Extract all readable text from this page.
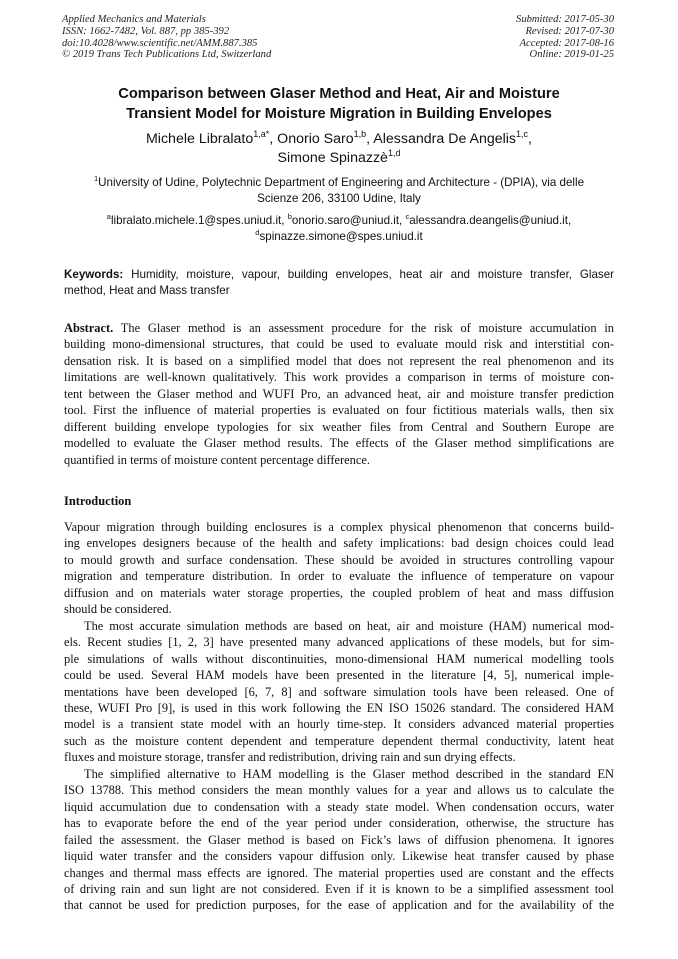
Applied Mechanics and Materials
ISSN: 1662-7482, Vol. 887, pp 385-392
doi:10.4028/www.scientific.net/AMM.887.385
© 2019 Trans Tech Publications Ltd, Switzerland
Submitted: 2017-05-30
Revised: 2017-07-30
Accepted: 2017-08-16
Online: 2019-01-25
Comparison between Glaser Method and Heat, Air and Moisture
Transient Model for Moisture Migration in Building Envelopes
Michele Libralato$^{1,a*}$, Onorio Saro$^{1,b}$, Alessandra De Angelis$^{1,c}$,
Simone Spinazzè$^{1,d}$
$^1$University of Udine, Polytechnic Department of Engineering and Architecture - (DPIA), via delle
Scienze 206, 33100 Udine, Italy
$^a$libralato.michele.1@spes.uniud.it, $^b$onorio.saro@uniud.it, $^c$alessandra.deangelis@uniud.it,
$^d$spinazze.simone@spes.uniud.it
Keywords: Humidity, moisture, vapour, building envelopes, heat air and moisture transfer, Glaser
method, Heat and Mass transfer
Abstract. The Glaser method is an assessment procedure for the risk of moisture accumulation in
building mono-dimensional structures, that could be used to evaluate mould risk and interstitial con-
densation risk. It is based on a simplified model that does not represent the real phenomenon and its
limitations are well-known qualitatively. This work provides a comparison in terms of moisture con-
tent between the Glaser method and WUFI Pro, an advanced heat, air and moisture transfer prediction
tool. First the influence of material properties is evaluated on four fictitious materials walls, then six
different building envelope typologies for six weather files from Central and Southern Europe are
modelled to evaluate the Glaser method results. The effects of the Glaser method simplifications are
quantified in terms of moisture content percentage difference.
Introduction
Vapour migration through building enclosures is a complex physical phenomenon that concerns build-
ing envelopes designers because of the health and safety implications: bad design choices could lead
to mould growth and surface condensation. These should be avoided in structures controlling vapour
migration and temperature distribution. In order to evaluate the influence of temperature on vapour
diffusion and on materials water storage properties, the coupled problem of heat and mass diffusion
should be considered.
The most accurate simulation methods are based on heat, air and moisture (HAM) numerical mod-
els. Recent studies [1, 2, 3] have presented many advanced applications of these models, but for sim-
ple simulations of walls without discontinuities, mono-dimensional HAM numerical modelling tools
could be used. Several HAM models have been presented in the literature [4, 5], numerical imple-
mentations have been developed [6, 7, 8] and software simulation tools have been released. One of
these, WUFI Pro [9], is used in this work following the EN ISO 15026 standard. The considered HAM
model is a transient state model with an hourly time-step. It considers advanced material properties
such as the moisture content dependent and temperature dependent thermal conductivity, latent heat
fluxes and moisture storage, transfer and redistribution, driving rain and sun drying effects.
The simplified alternative to HAM modelling is the Glaser method described in the standard EN
ISO 13788. This method considers the mean monthly values for a year and allows us to calculate the
liquid accumulation due to condensation with a steady state model. When condensation occurs, water
has to evaporate before the end of the year period under consideration, otherwise, the structure has
failed the assessment. the Glaser method is based on Fick’s laws of diffusion phenomena. It ignores
liquid water transfer and the considers vapour diffusion only. Likewise heat transfer caused by phase
changes and thermal mass effects are ignored. The material properties used are constant and the effects
of driving rain and sun light are not considered. Even if it is known to be a simplified assessment tool
that cannot be used for prediction purposes, for the ease of application and for the availability of the
